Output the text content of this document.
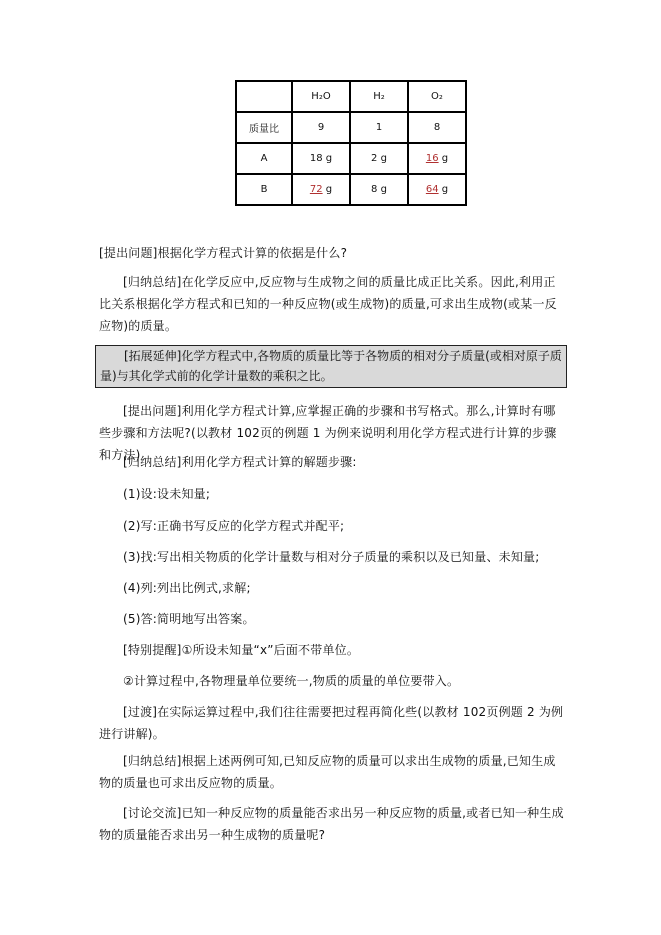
	H₂O	H₂	O₂
质量比	9	1	8
A	18 g	2 g	16 g
B	72 g	8 g	64 g

[提出问题]根据化学方程式计算的依据是什么?

[归纳总结]在化学反应中,反应物与生成物之间的质量比成正比关系。因此,利用正比关系根据化学方程式和已知的一种反应物(或生成物)的质量,可求出生成物(或某一反应物)的质量。

[拓展延伸]化学方程式中,各物质的质量比等于各物质的相对分子质量(或相对原子质量)与其化学式前的化学计量数的乘积之比。

[提出问题]利用化学方程式计算,应掌握正确的步骤和书写格式。那么,计算时有哪些步骤和方法呢?(以教材 102页的例题 1 为例来说明利用化学方程式进行计算的步骤和方法)

[归纳总结]利用化学方程式计算的解题步骤:

(1)设:设未知量;

(2)写:正确书写反应的化学方程式并配平;

(3)找:写出相关物质的化学计量数与相对分子质量的乘积以及已知量、未知量;

(4)列:列出比例式,求解;

(5)答:简明地写出答案。

[特别提醒]①所设未知量“x”后面不带单位。

②计算过程中,各物理量单位要统一,物质的质量的单位要带入。

[过渡]在实际运算过程中,我们往往需要把过程再简化些(以教材 102页例题 2 为例进行讲解)。

[归纳总结]根据上述两例可知,已知反应物的质量可以求出生成物的质量,已知生成物的质量也可求出反应物的质量。

[讨论交流]已知一种反应物的质量能否求出另一种反应物的质量,或者已知一种生成物的质量能否求出另一种生成物的质量呢?
